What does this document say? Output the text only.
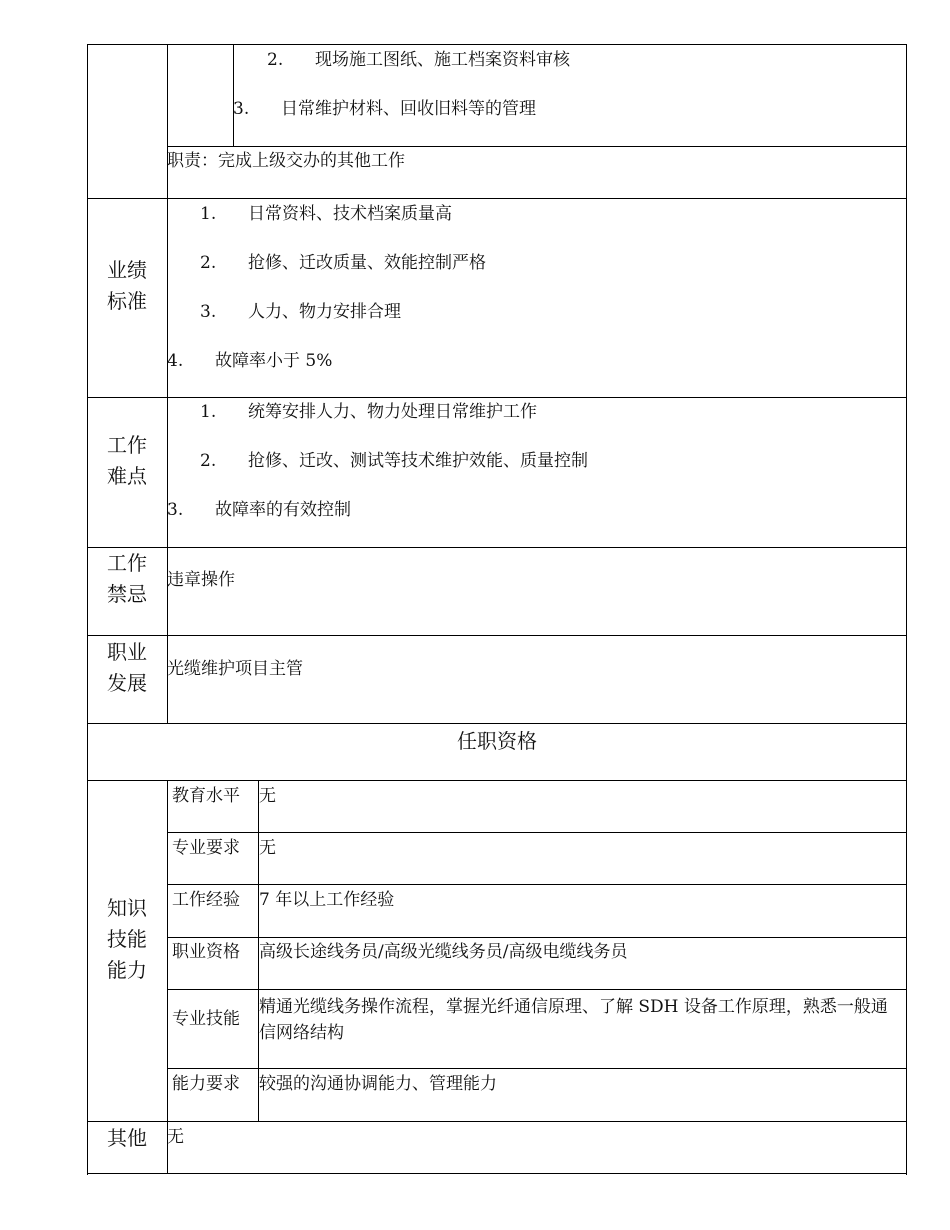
2. 现场施工图纸、施工档案资料审核
3. 日常维护材料、回收旧料等的管理
职责：完成上级交办的其他工作
业绩
标准
1. 日常资料、技术档案质量高
2. 抢修、迁改质量、效能控制严格
3. 人力、物力安排合理
4. 故障率小于 5%
工作
难点
1. 统筹安排人力、物力处理日常维护工作
2. 抢修、迁改、测试等技术维护效能、质量控制
3. 故障率的有效控制
工作
禁忌
违章操作
职业
发展
光缆维护项目主管
任职资格
知识
技能
能力
教育水平 无
专业要求 无
工作经验 7 年以上工作经验
职业资格 高级长途线务员/高级光缆线务员/高级电缆线务员
专业技能
精通光缆线务操作流程，掌握光纤通信原理、了解 SDH 设备工作原理，熟悉一般通信网络结构
能力要求 较强的沟通协调能力、管理能力
其他	无
